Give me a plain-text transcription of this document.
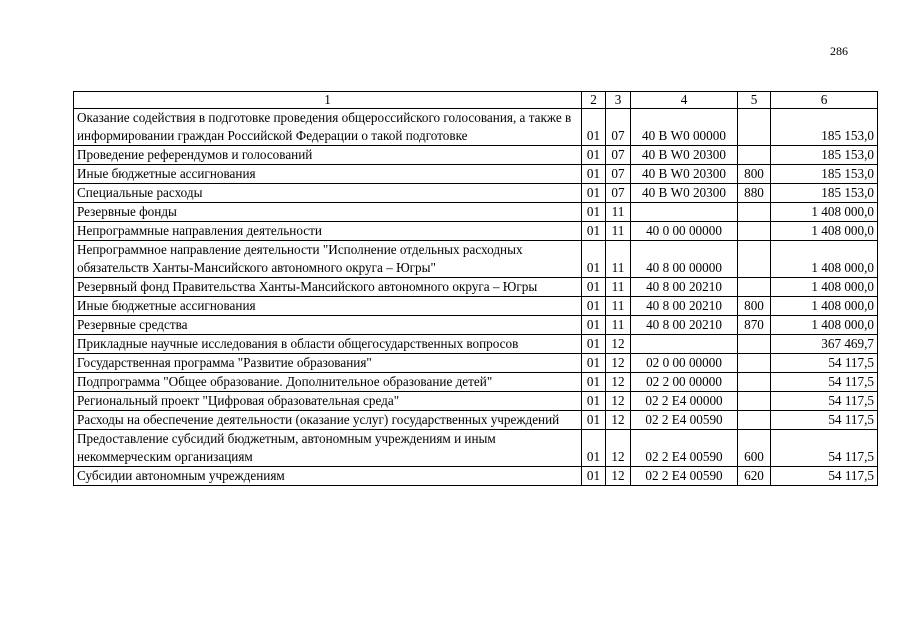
286
1	2	3	4	5	6
Оказание содействия в подготовке проведения общероссийского голосования, а также в информировании граждан Российской Федерации о такой подготовке	01	07	40 В W0 00000		185 153,0
Проведение референдумов и голосований	01	07	40 В W0 20300		185 153,0
Иные бюджетные ассигнования	01	07	40 В W0 20300	800	185 153,0
Специальные расходы	01	07	40 В W0 20300	880	185 153,0
Резервные фонды	01	11			1 408 000,0
Непрограммные направления деятельности	01	11	40 0 00 00000		1 408 000,0
Непрограммное направление деятельности "Исполнение отдельных расходных обязательств Ханты-Мансийского автономного округа – Югры"	01	11	40 8 00 00000		1 408 000,0
Резервный фонд Правительства Ханты-Мансийского автономного округа – Югры	01	11	40 8 00 20210		1 408 000,0
Иные бюджетные ассигнования	01	11	40 8 00 20210	800	1 408 000,0
Резервные средства	01	11	40 8 00 20210	870	1 408 000,0
Прикладные научные исследования в области общегосударственных вопросов	01	12			367 469,7
Государственная программа "Развитие образования"	01	12	02 0 00 00000		54 117,5
Подпрограмма "Общее образование. Дополнительное образование детей"	01	12	02 2 00 00000		54 117,5
Региональный проект "Цифровая образовательная среда"	01	12	02 2 Е4 00000		54 117,5
Расходы на обеспечение деятельности (оказание услуг) государственных учреждений	01	12	02 2 Е4 00590		54 117,5
Предоставление субсидий бюджетным, автономным учреждениям и иным некоммерческим организациям	01	12	02 2 Е4 00590	600	54 117,5
Субсидии автономным учреждениям	01	12	02 2 Е4 00590	620	54 117,5
